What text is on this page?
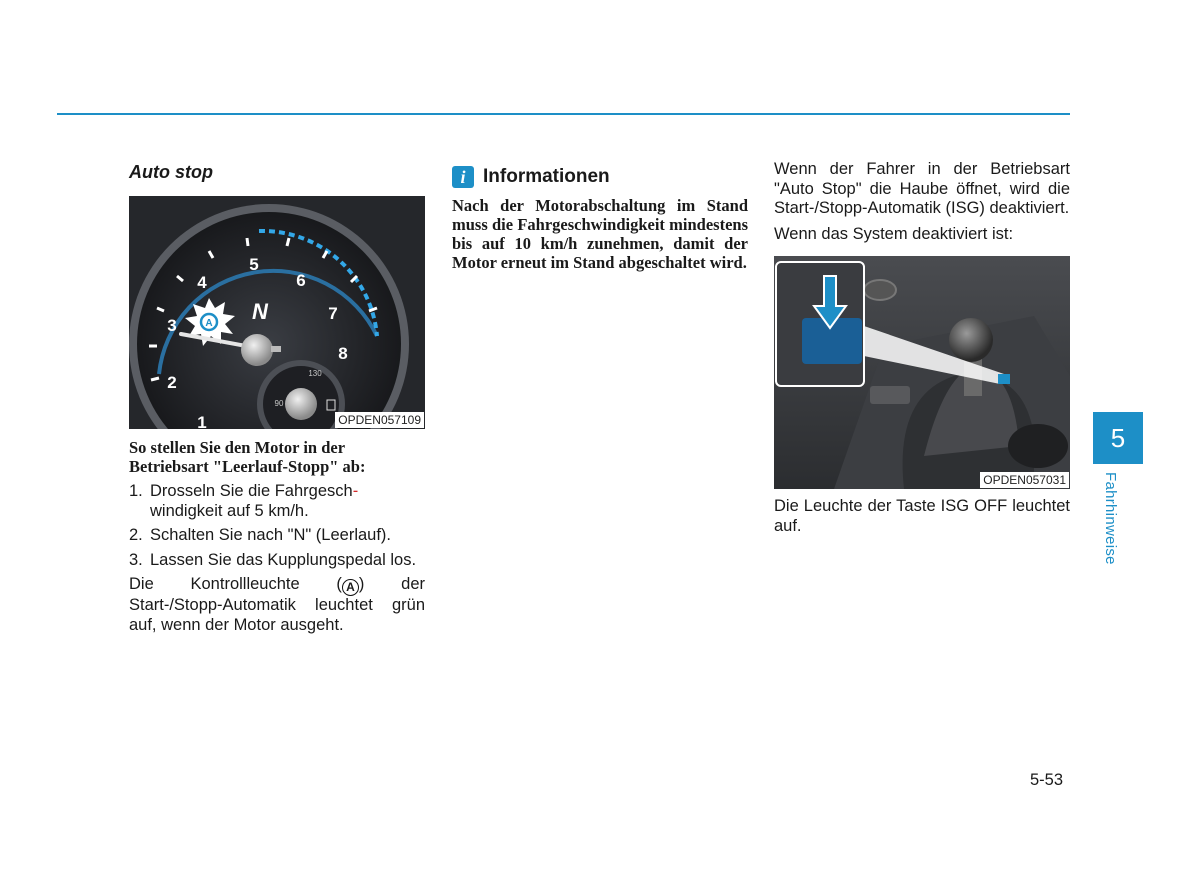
Auto stop
1
2
3
4
5
6
7
8
N
A
90
130
OPDEN057109
So stellen Sie den Motor in der Betriebsart "Leerlauf-Stopp" ab:
1. Drosseln Sie die Fahrgesch-
windigkeit auf 5 km/h.
2. Schalten Sie nach "N" (Leerlauf).
3. Lassen Sie das Kupplungspedal los.
Die Kontrollleuchte ( A ) der Start-/Stopp-Automatik leuchtet grün auf, wenn der Motor ausgeht.
i Informationen
Nach der Motorabschaltung im Stand muss die Fahrgeschwindigkeit mindestens bis auf 10 km/h zunehmen, damit der Motor erneut im Stand abgeschaltet wird.
Wenn der Fahrer in der Betriebsart "Auto Stop" die Haube öffnet, wird die Start-/Stopp-Automatik (ISG) deaktiviert.
Wenn das System deaktiviert ist:
OPDEN057031
Die Leuchte der Taste ISG OFF leuchtet auf.
5
Fahrhinweise
5-53
